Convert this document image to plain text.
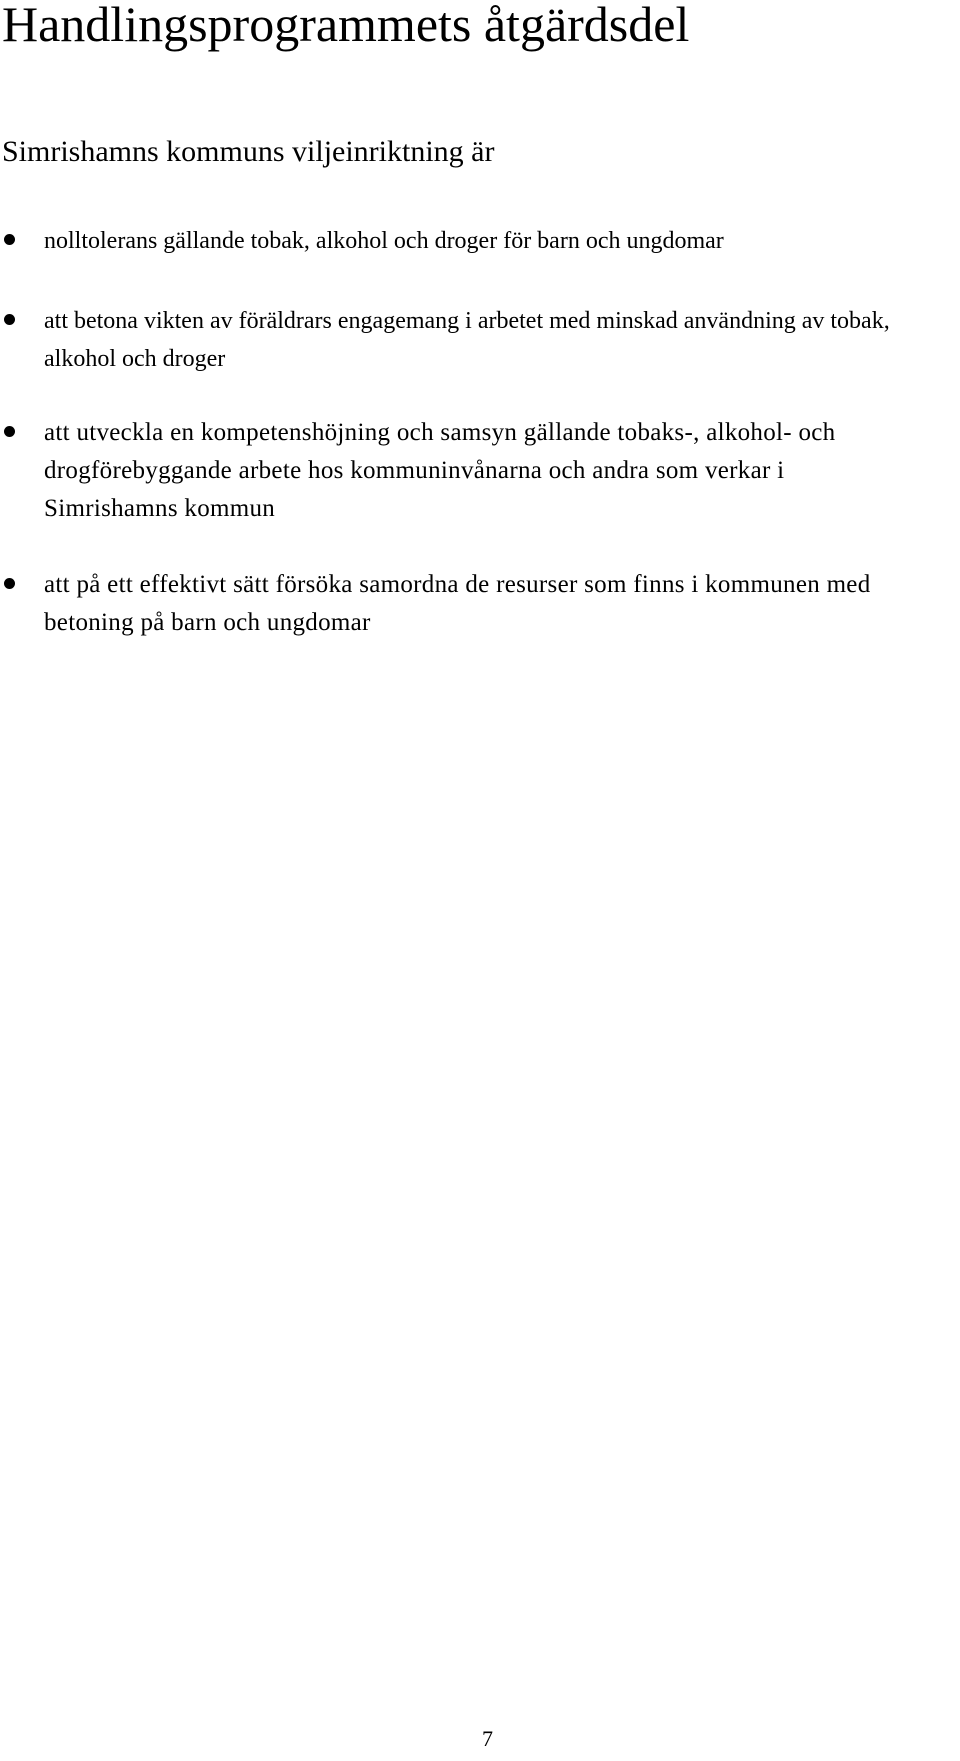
Handlingsprogrammets åtgärdsdel
Simrishamns kommuns viljeinriktning är
nolltolerans gällande tobak, alkohol och droger för barn och ungdomar
att betona vikten av föräldrars engagemang i arbetet med minskad användning av tobak, alkohol och droger
att utveckla en kompetenshöjning och samsyn gällande tobaks-, alkohol- och drogförebyggande arbete hos kommuninvånarna och andra som verkar i Simrishamns kommun
att på ett effektivt sätt försöka samordna de resurser som finns i kommunen med betoning på barn och ungdomar
7
